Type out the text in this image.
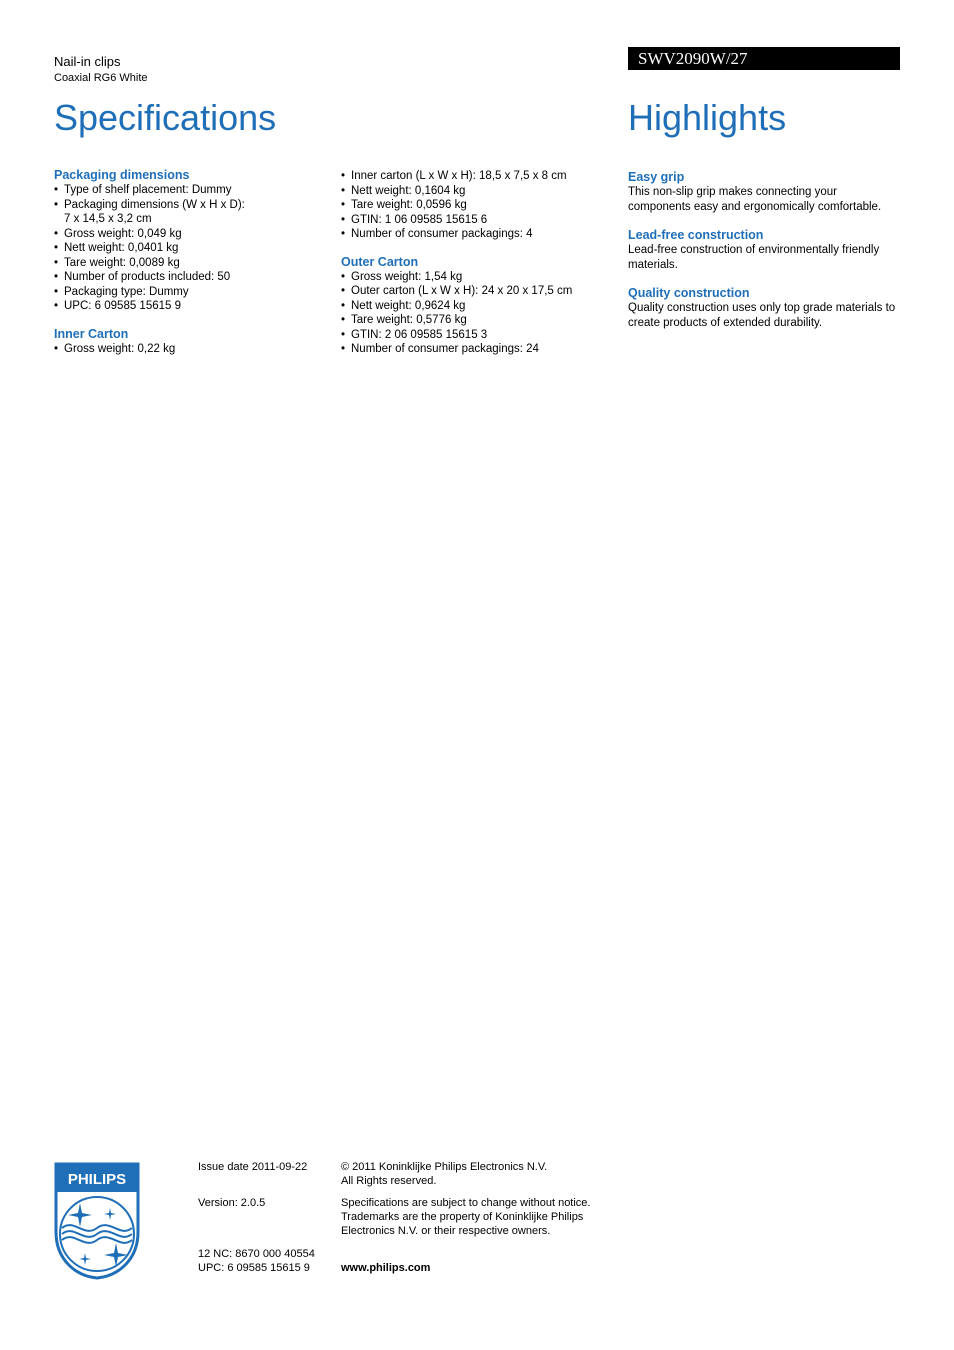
Nail-in clips
Coaxial RG6 White
SWV2090W/27
Specifications	Highlights

Packaging dimensions

• Type of shelf placement: Dummy
• Packaging dimensions (W x H x D):
7 x 14,5 x 3,2 cm
• Gross weight: 0,049 kg
• Nett weight: 0,0401 kg
• Tare weight: 0,0089 kg
• Number of products included: 50
• Packaging type: Dummy
• UPC: 6 09585 15615 9

Inner Carton

• Gross weight: 0,22 kg
• Inner carton (L x W x H): 18,5 x 7,5 x 8 cm
• Nett weight: 0,1604 kg
• Tare weight: 0,0596 kg
• GTIN: 1 06 09585 15615 6
• Number of consumer packagings: 4

Outer Carton

• Gross weight: 1,54 kg
• Outer carton (L x W x H): 24 x 20 x 17,5 cm
• Nett weight: 0,9624 kg
• Tare weight: 0,5776 kg
• GTIN: 2 06 09585 15615 3
• Number of consumer packagings: 24

Easy grip

This non-slip grip makes connecting your components easy and ergonomically comfortable.

Lead-free construction

Lead-free construction of environmentally friendly materials.

Quality construction

Quality construction uses only top grade materials to create products of extended durability.

PHILIPS
Issue date 2011-09-22
Version: 2.0.5
12 NC: 8670 000 40554
UPC: 6 09585 15615 9
© 2011 Koninklijke Philips Electronics N.V.
All Rights reserved.
Specifications are subject to change without notice.
Trademarks are the property of Koninklijke Philips
Electronics N.V. or their respective owners.
www.philips.com
